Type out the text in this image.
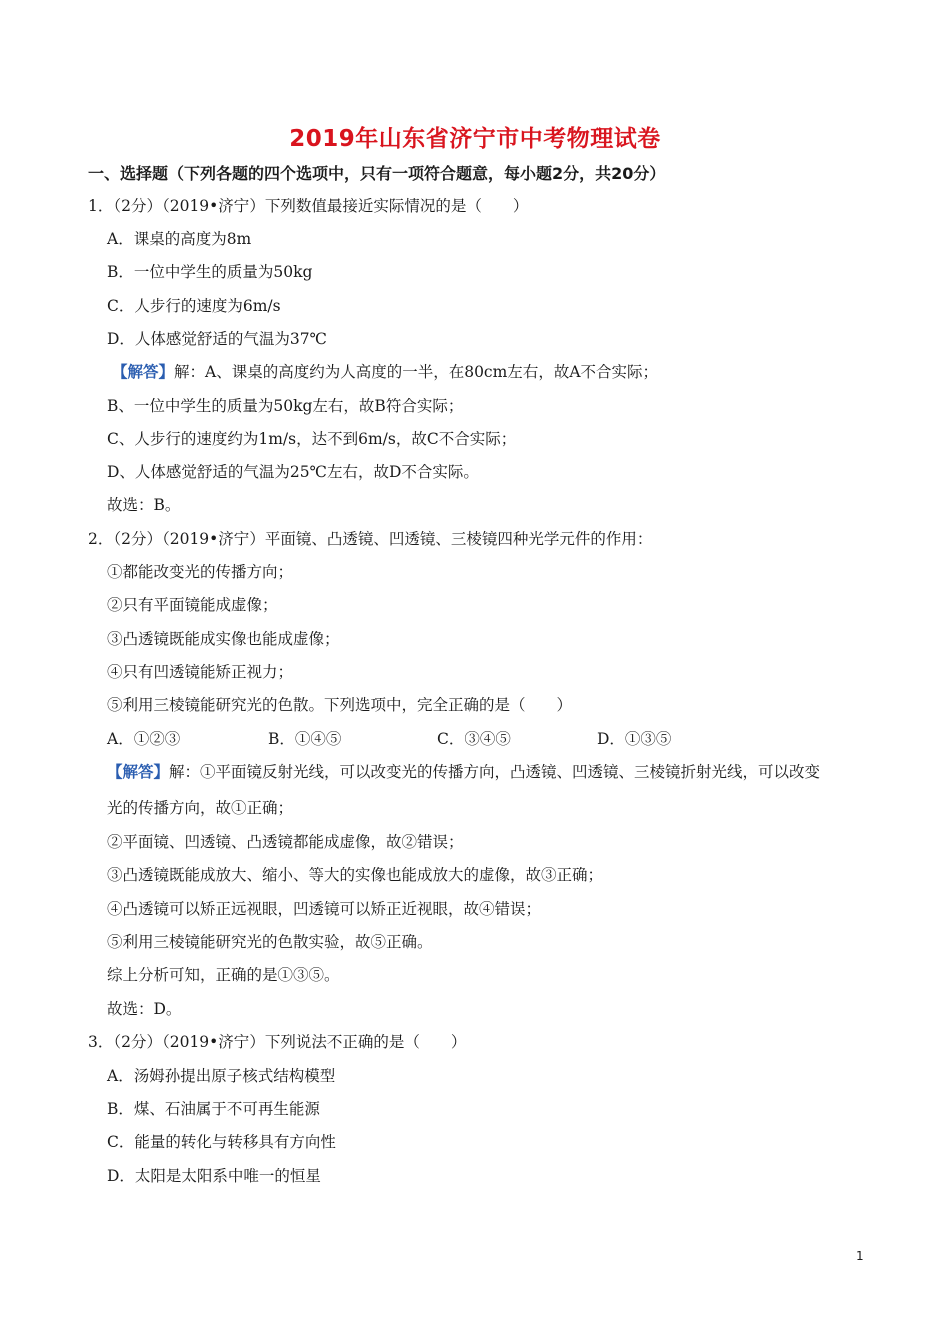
2019年山东省济宁市中考物理试卷
一、选择题（下列各题的四个选项中，只有一项符合题意，每小题2分，共20分）
1．（2分）（2019•济宁）下列数值最接近实际情况的是（　　）
A．课桌的高度为8m
B．一位中学生的质量为50kg
C．人步行的速度为6m/s
D．人体感觉舒适的气温为37℃
【解答】解：A、课桌的高度约为人高度的一半，在80cm左右，故A不合实际；
B、一位中学生的质量为50kg左右，故B符合实际；
C、人步行的速度约为1m/s，达不到6m/s，故C不合实际；
D、人体感觉舒适的气温为25℃左右，故D不合实际。
故选：B。
2．（2分）（2019•济宁）平面镜、凸透镜、凹透镜、三棱镜四种光学元件的作用：
①都能改变光的传播方向；
②只有平面镜能成虚像；
③凸透镜既能成实像也能成虚像；
④只有凹透镜能矫正视力；
⑤利用三棱镜能研究光的色散。下列选项中，完全正确的是（　　）
A．①②③	B．①④⑤	C．③④⑤	D．①③⑤
【解答】解：①平面镜反射光线，可以改变光的传播方向，凸透镜、凹透镜、三棱镜折射光线，可以改变
光的传播方向，故①正确；
②平面镜、凹透镜、凸透镜都能成虚像，故②错误；
③凸透镜既能成放大、缩小、等大的实像也能成放大的虚像，故③正确；
④凸透镜可以矫正远视眼，凹透镜可以矫正近视眼，故④错误；
⑤利用三棱镜能研究光的色散实验，故⑤正确。
综上分析可知，正确的是①③⑤。
故选：D。
3．（2分）（2019•济宁）下列说法不正确的是（　　）
A．汤姆孙提出原子核式结构模型
B．煤、石油属于不可再生能源
C．能量的转化与转移具有方向性
D．太阳是太阳系中唯一的恒星
1
